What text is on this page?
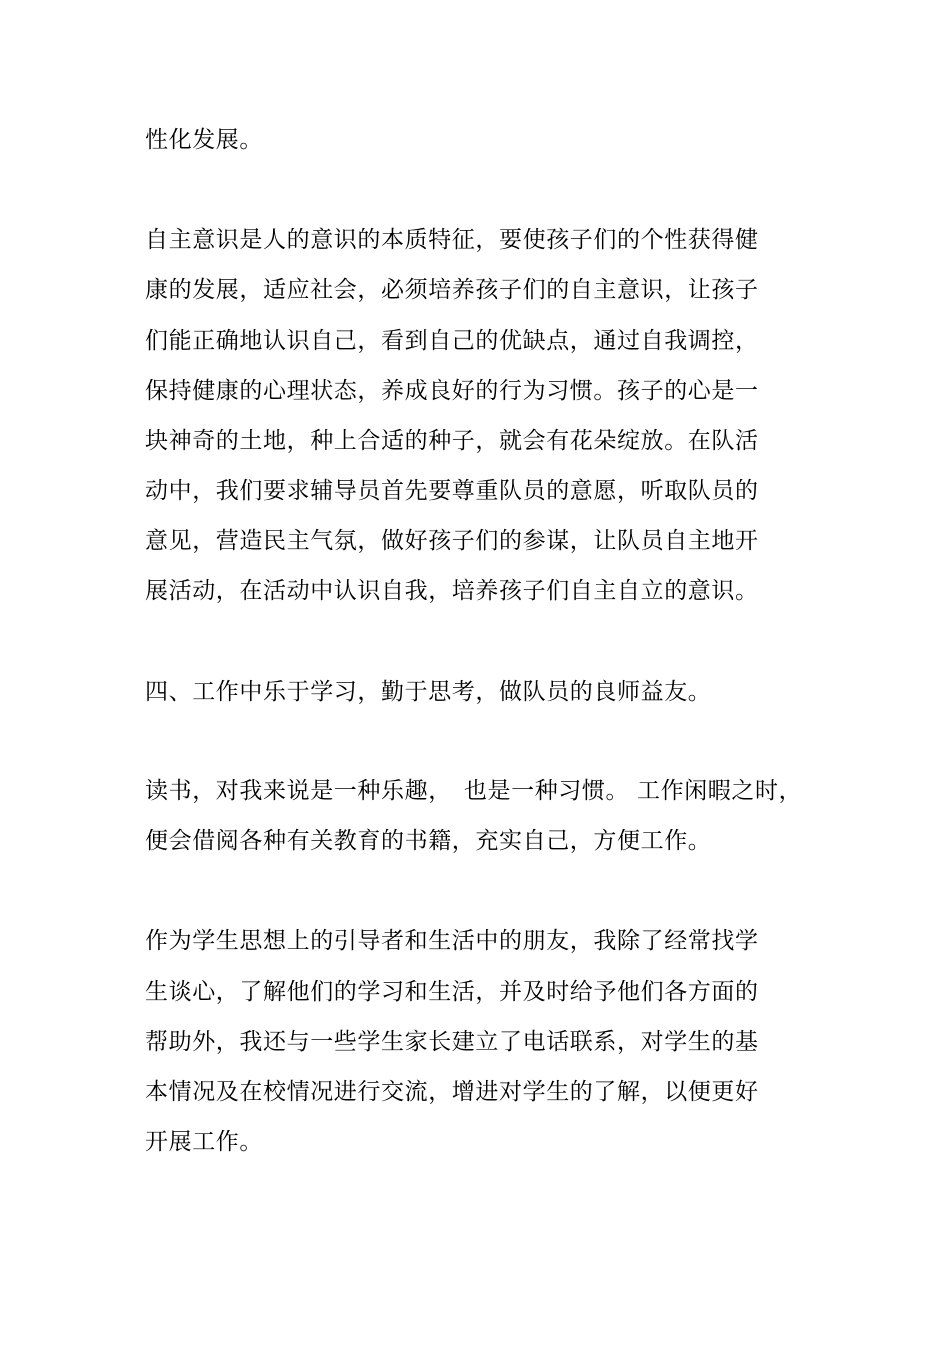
性化发展。
自主意识是人的意识的本质特征，要使孩子们的个性获得健
康的发展，适应社会，必须培养孩子们的自主意识，让孩子
们能正确地认识自己，看到自己的优缺点，通过自我调控，
保持健康的心理状态，养成良好的行为习惯。孩子的心是一
块神奇的土地，种上合适的种子，就会有花朵绽放。在队活
动中，我们要求辅导员首先要尊重队员的意愿，听取队员的
意见，营造民主气氛，做好孩子们的参谋，让队员自主地开
展活动，在活动中认识自我，培养孩子们自主自立的意识。
四、工作中乐于学习，勤于思考，做队员的良师益友。
读书，对我来说是一种乐趣，　也是一种习惯。 工作闲暇之时，
便会借阅各种有关教育的书籍，充实自己，方便工作。
作为学生思想上的引导者和生活中的朋友，我除了经常找学
生谈心，了解他们的学习和生活，并及时给予他们各方面的
帮助外，我还与一些学生家长建立了电话联系，对学生的基
本情况及在校情况进行交流，增进对学生的了解，以便更好
开展工作。
